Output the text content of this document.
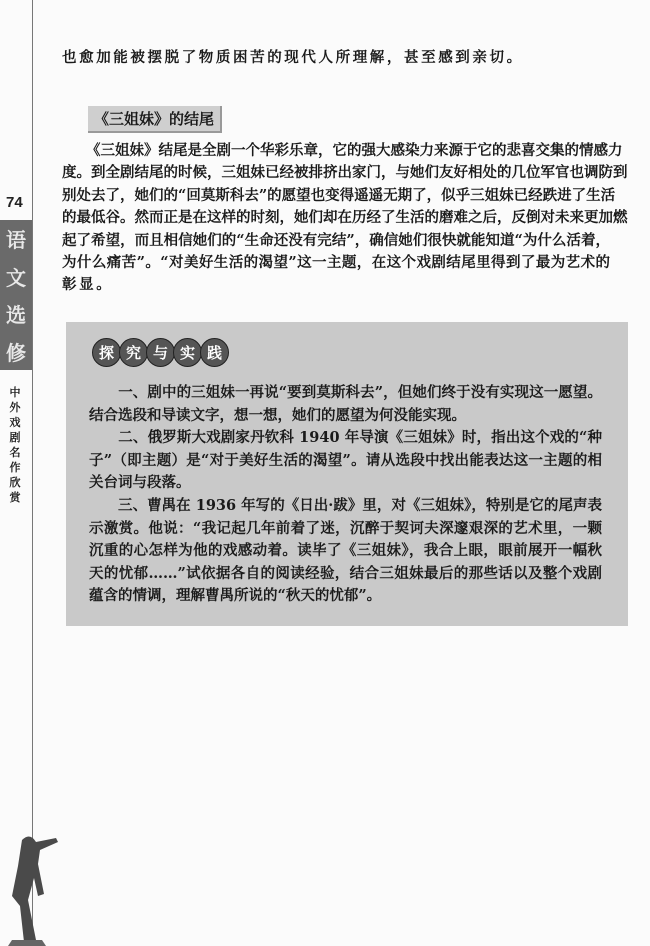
74
语
文
选
修
中外戏剧名作欣赏
也愈加能被摆脱了物质困苦的现代人所理解，甚至感到亲切。
《三姐妹》的结尾
《三姐妹》结尾是全剧一个华彩乐章，它的强大感染力来源于它的悲喜交集的情感力
度。到全剧结尾的时候，三姐妹已经被排挤出家门，与她们友好相处的几位军官也调防到
别处去了，她们的“回莫斯科去”的愿望也变得遥遥无期了，似乎三姐妹已经跌进了生活
的最低谷。然而正是在这样的时刻，她们却在历经了生活的磨难之后，反倒对未来更加燃
起了希望，而且相信她们的“生命还没有完结”，确信她们很快就能知道“为什么活着，
为什么痛苦”。“对美好生活的渴望”这一主题，在这个戏剧结尾里得到了最为艺术的
彰显。
探 究 与 实 践
　　一、剧中的三姐妹一再说“要到莫斯科去”，但她们终于没有实现这一愿望。
结合选段和导读文字，想一想，她们的愿望为何没能实现。
　　二、俄罗斯大戏剧家丹钦科 1940 年导演《三姐妹》时，指出这个戏的“种
子”（即主题）是“对于美好生活的渴望”。请从选段中找出能表达这一主题的相
关台词与段落。
　　三、曹禺在 1936 年写的《日出·跋》里，对《三姐妹》，特别是它的尾声表
示激赏。他说：“我记起几年前着了迷，沉醉于契诃夫深邃艰深的艺术里，一颗
沉重的心怎样为他的戏感动着。读毕了《三姐妹》，我合上眼，眼前展开一幅秋
天的忧郁……”试依据各自的阅读经验，结合三姐妹最后的那些话以及整个戏剧
蕴含的情调，理解曹禺所说的“秋天的忧郁”。
